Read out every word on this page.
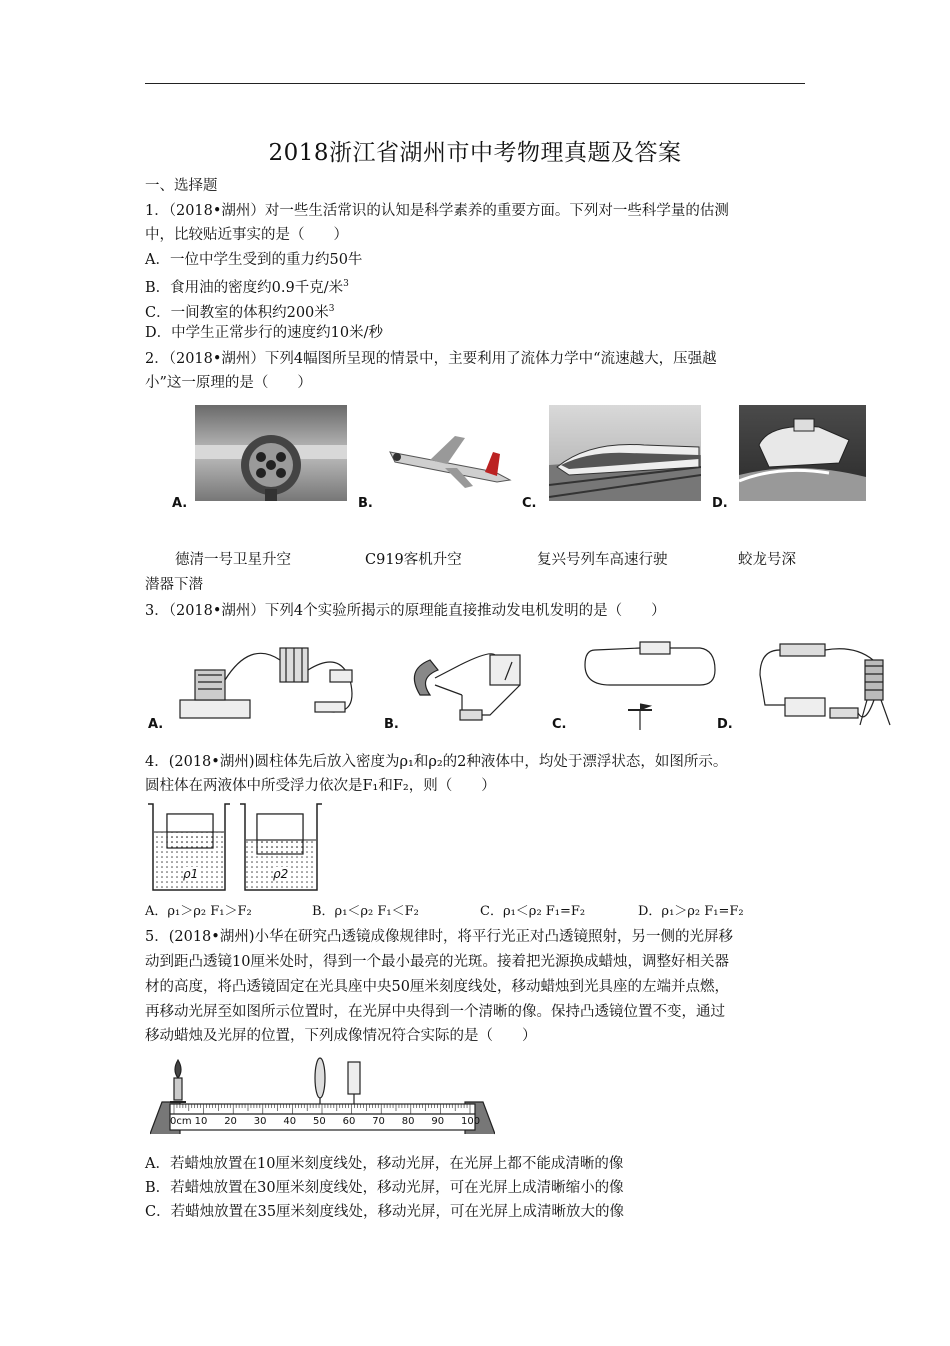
2018浙江省湖州市中考物理真题及答案
一、选择题
1．（2018•湖州）对一些生活常识的认知是科学素养的重要方面。下列对一些科学量的估测
中，比较贴近事实的是（　　）
A．一位中学生受到的重力约50牛
B．食用油的密度约0.9千克/米$^3$
C．一间教室的体积约200米$^3$
D．中学生正常步行的速度约10米/秒
2．（2018•湖州）下列4幅图所呈现的情景中，主要利用了流体力学中“流速越大，压强越
小”这一原理的是（　　）
A.	B.	C.	D.
德清一号卫星升空	C919客机升空	复兴号列车高速行驶	蛟龙号深
潜器下潜
3．（2018•湖州）下列4个实验所揭示的原理能直接推动发电机发明的是（　　）
A.	B.	C.	D.
4．(2018•湖州)圆柱体先后放入密度为ρ₁和ρ₂的2种液体中，均处于漂浮状态，如图所示。
圆柱体在两液体中所受浮力依次是F₁和F₂，则（　　）
ρ1	ρ2
A．ρ₁＞ρ₂ F₁＞F₂	B．ρ₁＜ρ₂ F₁＜F₂	C．ρ₁＜ρ₂ F₁=F₂	D．ρ₁＞ρ₂ F₁=F₂
5．(2018•湖州)小华在研究凸透镜成像规律时，将平行光正对凸透镜照射，另一侧的光屏移
动到距凸透镜10厘米处时，得到一个最小最亮的光斑。接着把光源换成蜡烛，调整好相关器
材的高度，将凸透镜固定在光具座中央50厘米刻度线处，移动蜡烛到光具座的左端并点燃，
再移动光屏至如图所示位置时，在光屏中央得到一个清晰的像。保持凸透镜位置不变，通过
移动蜡烛及光屏的位置，下列成像情况符合实际的是（　　）
0cm 10 20 30 40 50 60 70 80 90 100
A．若蜡烛放置在10厘米刻度线处，移动光屏，在光屏上都不能成清晰的像
B．若蜡烛放置在30厘米刻度线处，移动光屏，可在光屏上成清晰缩小的像
C．若蜡烛放置在35厘米刻度线处，移动光屏，可在光屏上成清晰放大的像
